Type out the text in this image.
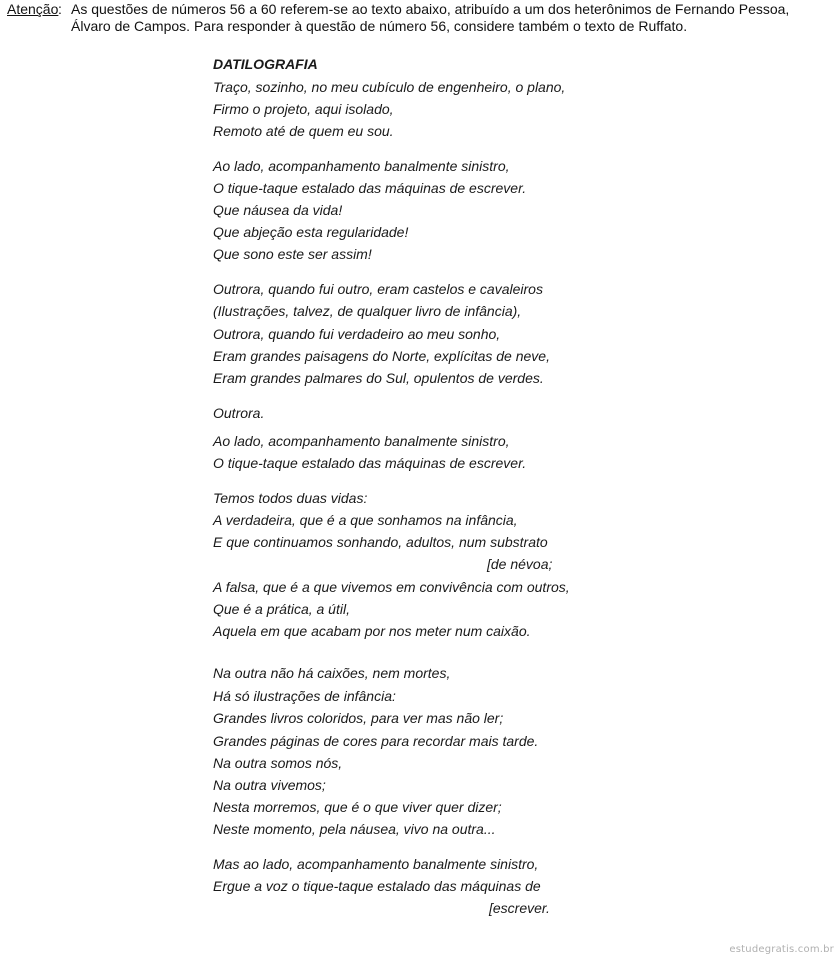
Atenção : As questões de números 56 a 60 referem-se ao texto abaixo, atribuído a um dos heterônimos de Fernando Pessoa, Álvaro de Campos. Para responder à questão de número 56, considere também o texto de Ruffato.
DATILOGRAFIA
Traço, sozinho, no meu cubículo de engenheiro, o plano,
Firmo o projeto, aqui isolado,
Remoto até de quem eu sou.
Ao lado, acompanhamento banalmente sinistro,
O tique-taque estalado das máquinas de escrever.
Que náusea da vida!
Que abjeção esta regularidade!
Que sono este ser assim!
Outrora, quando fui outro, eram castelos e cavaleiros
(Ilustrações, talvez, de qualquer livro de infância),
Outrora, quando fui verdadeiro ao meu sonho,
Eram grandes paisagens do Norte, explícitas de neve,
Eram grandes palmares do Sul, opulentos de verdes.
Outrora.
Ao lado, acompanhamento banalmente sinistro,
O tique-taque estalado das máquinas de escrever.
Temos todos duas vidas:
A verdadeira, que é a que sonhamos na infância,
E que continuamos sonhando, adultos, num substrato
[de névoa;
A falsa, que é a que vivemos em convivência com outros,
Que é a prática, a útil,
Aquela em que acabam por nos meter num caixão.
Na outra não há caixões, nem mortes,
Há só ilustrações de infância:
Grandes livros coloridos, para ver mas não ler;
Grandes páginas de cores para recordar mais tarde.
Na outra somos nós,
Na outra vivemos;
Nesta morremos, que é o que viver quer dizer;
Neste momento, pela náusea, vivo na outra...
Mas ao lado, acompanhamento banalmente sinistro,
Ergue a voz o tique-taque estalado das máquinas de
[escrever.
estudegratis.com.br
